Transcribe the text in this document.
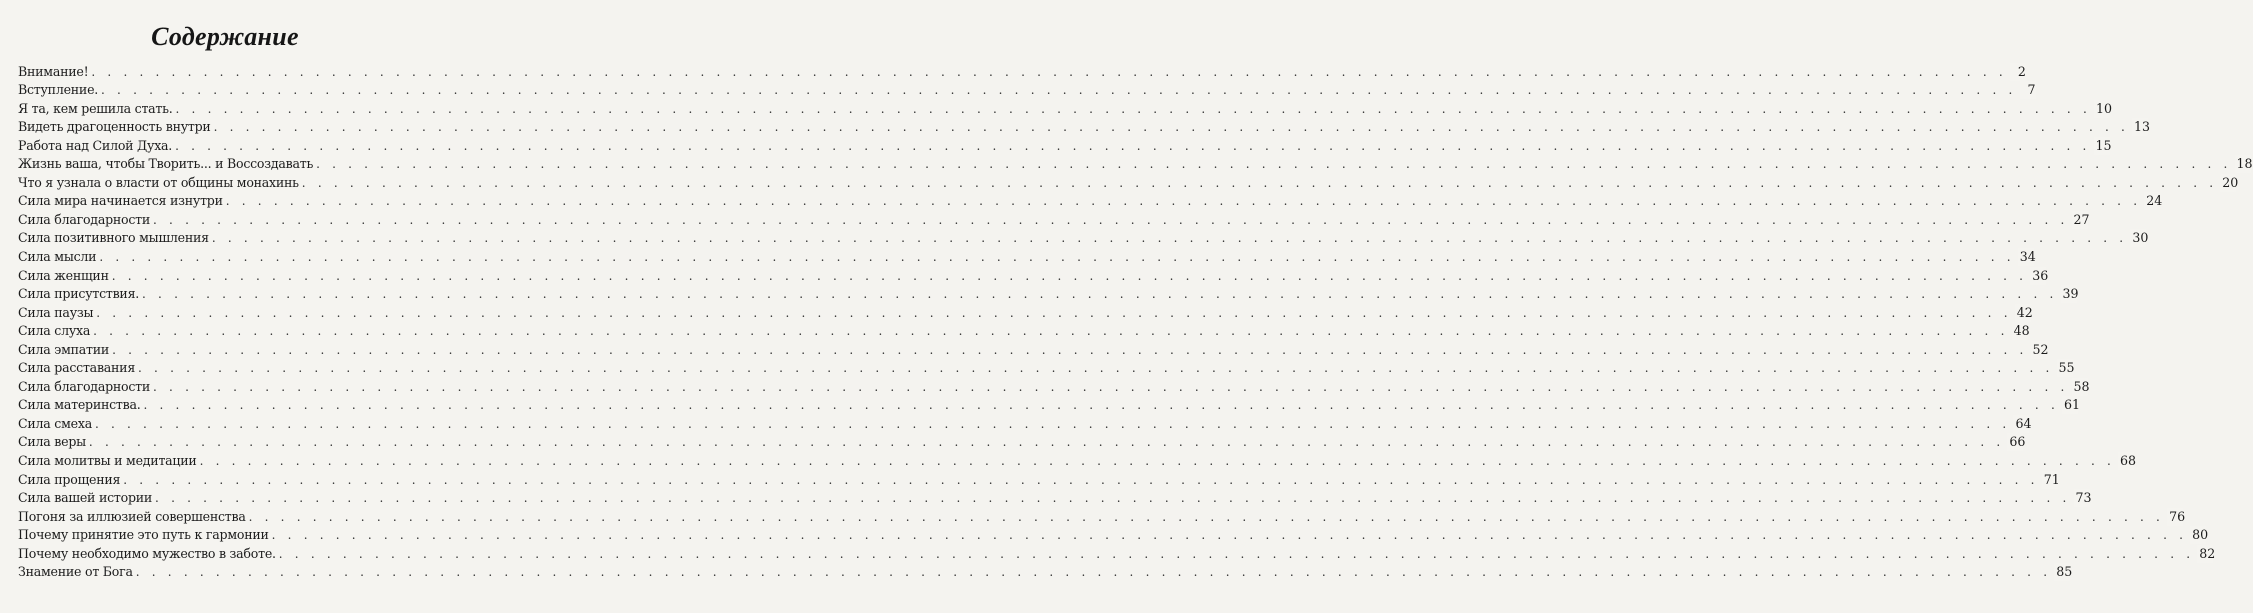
Содержание
Внимание! . . . . . . . . . . . . . . . . . . . . . . . . . . . . . . . . . . . . . . . . . . . . . . . . . . . . . . . . . . . . . . . . . . . . . . . . . . . . . . . . . . . . . . . . . . . . . . . . . . . . . . . . . . . . . . . . . . . . . . . . 2
Вступление. . . . . . . . . . . . . . . . . . . . . . . . . . . . . . . . . . . . . . . . . . . . . . . . . . . . . . . . . . . . . . . . . . . . . . . . . . . . . . . . . . . . . . . . . . . . . . . . . . . . . . . . . . . . . . . . . . . . . . . . . 7
Я та, кем решила стать. . . . . . . . . . . . . . . . . . . . . . . . . . . . . . . . . . . . . . . . . . . . . . . . . . . . . . . . . . . . . . . . . . . . . . . . . . . . . . . . . . . . . . . . . . . . . . . . . . . . . . . . . . . . . . . . . . . . . . . . . 10
Видеть драгоценность внутри . . . . . . . . . . . . . . . . . . . . . . . . . . . . . . . . . . . . . . . . . . . . . . . . . . . . . . . . . . . . . . . . . . . . . . . . . . . . . . . . . . . . . . . . . . . . . . . . . . . . . . . . . . . . . . . . . . . . . . . . 13
Работа над Силой Духа. . . . . . . . . . . . . . . . . . . . . . . . . . . . . . . . . . . . . . . . . . . . . . . . . . . . . . . . . . . . . . . . . . . . . . . . . . . . . . . . . . . . . . . . . . . . . . . . . . . . . . . . . . . . . . . . . . . . . . . . . 15
Жизнь ваша, чтобы Творить... и Воссоздавать . . . . . . . . . . . . . . . . . . . . . . . . . . . . . . . . . . . . . . . . . . . . . . . . . . . . . . . . . . . . . . . . . . . . . . . . . . . . . . . . . . . . . . . . . . . . . . . . . . . . . . . . . . . . . . . . . . . . . . . . 18
Что я узнала о власти от общины монахинь . . . . . . . . . . . . . . . . . . . . . . . . . . . . . . . . . . . . . . . . . . . . . . . . . . . . . . . . . . . . . . . . . . . . . . . . . . . . . . . . . . . . . . . . . . . . . . . . . . . . . . . . . . . . . . . . . . . . . . . . 20
Сила мира начинается изнутри . . . . . . . . . . . . . . . . . . . . . . . . . . . . . . . . . . . . . . . . . . . . . . . . . . . . . . . . . . . . . . . . . . . . . . . . . . . . . . . . . . . . . . . . . . . . . . . . . . . . . . . . . . . . . . . . . . . . . . . . 24
Сила благодарности . . . . . . . . . . . . . . . . . . . . . . . . . . . . . . . . . . . . . . . . . . . . . . . . . . . . . . . . . . . . . . . . . . . . . . . . . . . . . . . . . . . . . . . . . . . . . . . . . . . . . . . . . . . . . . . . . . . . . . . . 27
Сила позитивного мышления . . . . . . . . . . . . . . . . . . . . . . . . . . . . . . . . . . . . . . . . . . . . . . . . . . . . . . . . . . . . . . . . . . . . . . . . . . . . . . . . . . . . . . . . . . . . . . . . . . . . . . . . . . . . . . . . . . . . . . . . 30
Сила мысли . . . . . . . . . . . . . . . . . . . . . . . . . . . . . . . . . . . . . . . . . . . . . . . . . . . . . . . . . . . . . . . . . . . . . . . . . . . . . . . . . . . . . . . . . . . . . . . . . . . . . . . . . . . . . . . . . . . . . . . . 34
Сила женщин . . . . . . . . . . . . . . . . . . . . . . . . . . . . . . . . . . . . . . . . . . . . . . . . . . . . . . . . . . . . . . . . . . . . . . . . . . . . . . . . . . . . . . . . . . . . . . . . . . . . . . . . . . . . . . . . . . . . . . . . 36
Сила присутствия. . . . . . . . . . . . . . . . . . . . . . . . . . . . . . . . . . . . . . . . . . . . . . . . . . . . . . . . . . . . . . . . . . . . . . . . . . . . . . . . . . . . . . . . . . . . . . . . . . . . . . . . . . . . . . . . . . . . . . . . . 39
Сила паузы . . . . . . . . . . . . . . . . . . . . . . . . . . . . . . . . . . . . . . . . . . . . . . . . . . . . . . . . . . . . . . . . . . . . . . . . . . . . . . . . . . . . . . . . . . . . . . . . . . . . . . . . . . . . . . . . . . . . . . . . 42
Сила слуха . . . . . . . . . . . . . . . . . . . . . . . . . . . . . . . . . . . . . . . . . . . . . . . . . . . . . . . . . . . . . . . . . . . . . . . . . . . . . . . . . . . . . . . . . . . . . . . . . . . . . . . . . . . . . . . . . . . . . . . . 48
Сила эмпатии . . . . . . . . . . . . . . . . . . . . . . . . . . . . . . . . . . . . . . . . . . . . . . . . . . . . . . . . . . . . . . . . . . . . . . . . . . . . . . . . . . . . . . . . . . . . . . . . . . . . . . . . . . . . . . . . . . . . . . . . 52
Сила расставания . . . . . . . . . . . . . . . . . . . . . . . . . . . . . . . . . . . . . . . . . . . . . . . . . . . . . . . . . . . . . . . . . . . . . . . . . . . . . . . . . . . . . . . . . . . . . . . . . . . . . . . . . . . . . . . . . . . . . . . . 55
Сила благодарности . . . . . . . . . . . . . . . . . . . . . . . . . . . . . . . . . . . . . . . . . . . . . . . . . . . . . . . . . . . . . . . . . . . . . . . . . . . . . . . . . . . . . . . . . . . . . . . . . . . . . . . . . . . . . . . . . . . . . . . . 58
Сила материнства. . . . . . . . . . . . . . . . . . . . . . . . . . . . . . . . . . . . . . . . . . . . . . . . . . . . . . . . . . . . . . . . . . . . . . . . . . . . . . . . . . . . . . . . . . . . . . . . . . . . . . . . . . . . . . . . . . . . . . . . . 61
Сила смеха . . . . . . . . . . . . . . . . . . . . . . . . . . . . . . . . . . . . . . . . . . . . . . . . . . . . . . . . . . . . . . . . . . . . . . . . . . . . . . . . . . . . . . . . . . . . . . . . . . . . . . . . . . . . . . . . . . . . . . . . 64
Сила веры . . . . . . . . . . . . . . . . . . . . . . . . . . . . . . . . . . . . . . . . . . . . . . . . . . . . . . . . . . . . . . . . . . . . . . . . . . . . . . . . . . . . . . . . . . . . . . . . . . . . . . . . . . . . . . . . . . . . . . . . 66
Сила молитвы и медитации . . . . . . . . . . . . . . . . . . . . . . . . . . . . . . . . . . . . . . . . . . . . . . . . . . . . . . . . . . . . . . . . . . . . . . . . . . . . . . . . . . . . . . . . . . . . . . . . . . . . . . . . . . . . . . . . . . . . . . . . 68
Сила прощения . . . . . . . . . . . . . . . . . . . . . . . . . . . . . . . . . . . . . . . . . . . . . . . . . . . . . . . . . . . . . . . . . . . . . . . . . . . . . . . . . . . . . . . . . . . . . . . . . . . . . . . . . . . . . . . . . . . . . . . . 71
Сила вашей истории . . . . . . . . . . . . . . . . . . . . . . . . . . . . . . . . . . . . . . . . . . . . . . . . . . . . . . . . . . . . . . . . . . . . . . . . . . . . . . . . . . . . . . . . . . . . . . . . . . . . . . . . . . . . . . . . . . . . . . . . 73
Погоня за иллюзией совершенства . . . . . . . . . . . . . . . . . . . . . . . . . . . . . . . . . . . . . . . . . . . . . . . . . . . . . . . . . . . . . . . . . . . . . . . . . . . . . . . . . . . . . . . . . . . . . . . . . . . . . . . . . . . . . . . . . . . . . . . . 76
Почему принятие это путь к гармонии . . . . . . . . . . . . . . . . . . . . . . . . . . . . . . . . . . . . . . . . . . . . . . . . . . . . . . . . . . . . . . . . . . . . . . . . . . . . . . . . . . . . . . . . . . . . . . . . . . . . . . . . . . . . . . . . . . . . . . . . 80
Почему необходимо мужество в заботе. . . . . . . . . . . . . . . . . . . . . . . . . . . . . . . . . . . . . . . . . . . . . . . . . . . . . . . . . . . . . . . . . . . . . . . . . . . . . . . . . . . . . . . . . . . . . . . . . . . . . . . . . . . . . . . . . . . . . . . . . 82
Знамение от Бога . . . . . . . . . . . . . . . . . . . . . . . . . . . . . . . . . . . . . . . . . . . . . . . . . . . . . . . . . . . . . . . . . . . . . . . . . . . . . . . . . . . . . . . . . . . . . . . . . . . . . . . . . . . . . . . . . . . . . . . . 85
